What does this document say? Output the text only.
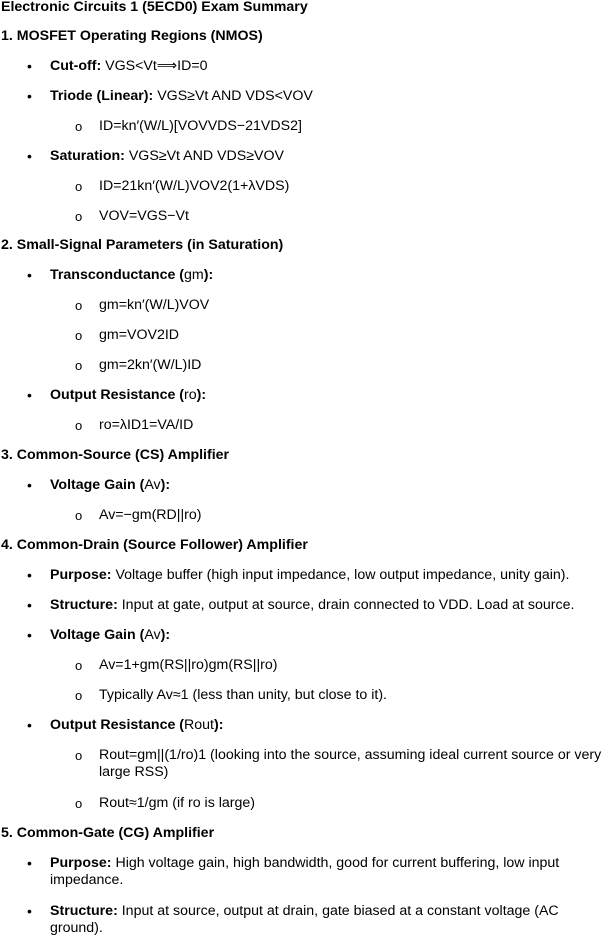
Electronic Circuits 1 (5ECD0) Exam Summary
1. MOSFET Operating Regions (NMOS)
• Cut-off: VGS<Vt⟹ID=0
• Triode (Linear): VGS≥Vt AND VDS<VOV
o ID=kn′(W/L)[VOVVDS−21VDS2]
• Saturation: VGS≥Vt AND VDS≥VOV
o ID=21kn′(W/L)VOV2(1+λVDS)
o VOV=VGS−Vt
2. Small-Signal Parameters (in Saturation)
• Transconductance (gm):
o gm=kn′(W/L)VOV
o gm=VOV2ID
o gm=2kn′(W/L)ID
• Output Resistance (ro):
o ro=λID1=VA/ID
3. Common-Source (CS) Amplifier
• Voltage Gain (Av):
o Av=−gm(RD||ro)
4. Common-Drain (Source Follower) Amplifier
• Purpose: Voltage buffer (high input impedance, low output impedance, unity gain).
• Structure: Input at gate, output at source, drain connected to VDD. Load at source.
• Voltage Gain (Av):
o Av=1+gm(RS||ro)gm(RS||ro)
o Typically Av≈1 (less than unity, but close to it).
• Output Resistance (Rout):
o Rout=gm||(1/ro)1 (looking into the source, assuming ideal current source or very large RSS)
o Rout≈1/gm (if ro is large)
5. Common-Gate (CG) Amplifier
• Purpose: High voltage gain, high bandwidth, good for current buffering, low input impedance.
• Structure: Input at source, output at drain, gate biased at a constant voltage (AC ground).
